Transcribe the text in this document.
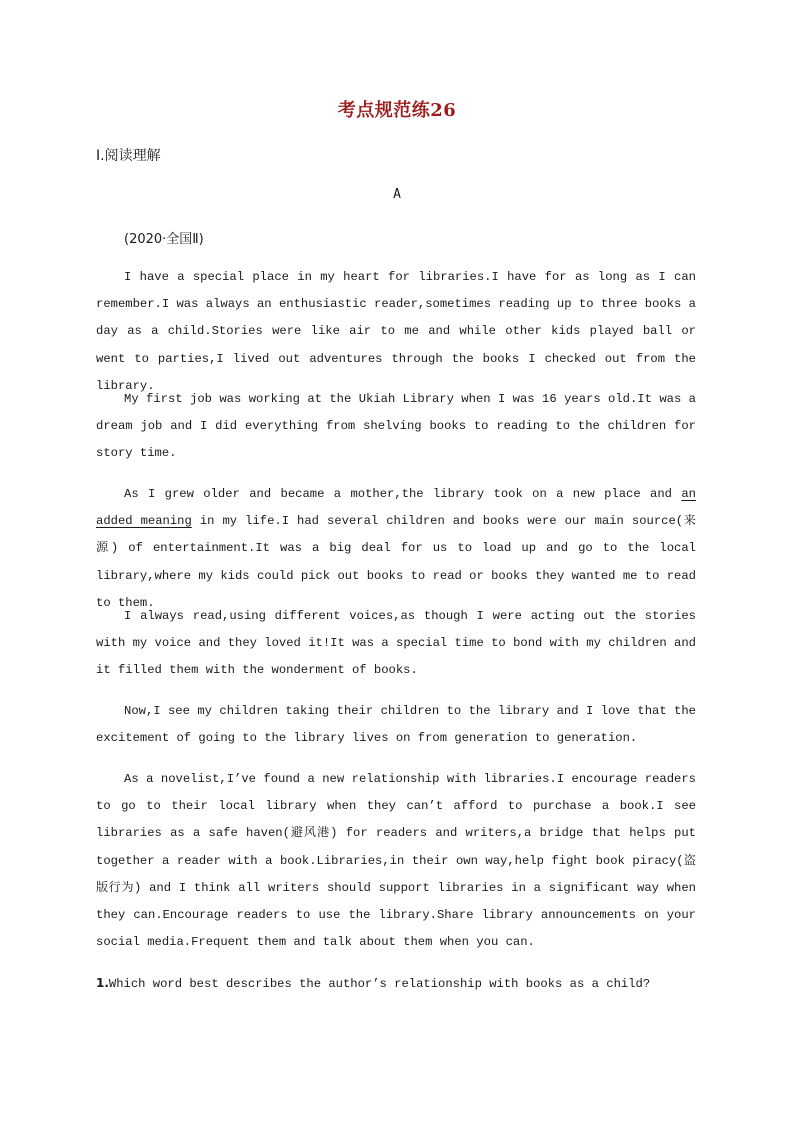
考点规范练26
Ⅰ.阅读理解
A
(2020·全国Ⅱ)

I have a special place in my heart for libraries.I have for as long as I can remember.I was always an enthusiastic reader,sometimes reading up to three books a day as a child.Stories were like air to me and while other kids played ball or went to parties,I lived out adventures through the books I checked out from the library.

My first job was working at the Ukiah Library when I was 16 years old.It was a dream job and I did everything from shelving books to reading to the children for story time.

As I grew older and became a mother,the library took on a new place and an added meaning in my life.I had several children and books were our main source(来源) of entertainment.It was a big deal for us to load up and go to the local library,where my kids could pick out books to read or books they wanted me to read to them.

I always read,using different voices,as though I were acting out the stories with my voice and they loved it!It was a special time to bond with my children and it filled them with the wonderment of books.

Now,I see my children taking their children to the library and I love that the excitement of going to the library lives on from generation to generation.

As a novelist,I’ve found a new relationship with libraries.I encourage readers to go to their local library when they can’t afford to purchase a book.I see libraries as a safe haven(避风港) for readers and writers,a bridge that helps put together a reader with a book.Libraries,in their own way,help fight book piracy(盗版行为) and I think all writers should support libraries in a significant way when they can.Encourage readers to use the library.Share library announcements on your social media.Frequent them and talk about them when you can.

1.Which word best describes the author’s relationship with books as a child?
